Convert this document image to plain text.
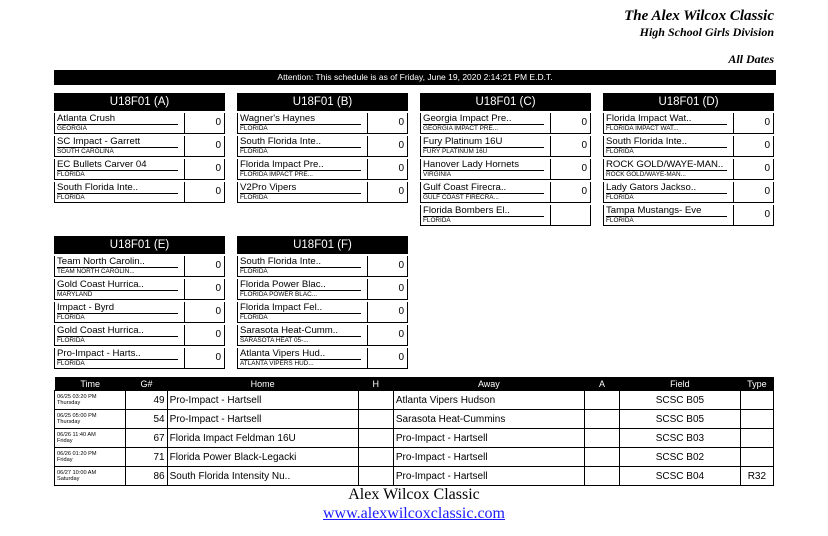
The Alex Wilcox Classic
High School Girls Division
All Dates
Attention: This schedule is as of Friday, June 19, 2020 2:14:21 PM E.D.T.
U18F01 (A)
Atlanta Crush
GEORGIA
0
SC Impact - Garrett
SOUTH CAROLINA
0
EC Bullets Carver 04
FLORIDA
0
South Florida Inte..
FLORIDA
0
U18F01 (B)
Wagner's Haynes
FLORIDA
0
South Florida Inte..
FLORIDA
0
Florida Impact Pre..
FLORIDA IMPACT PRE...
0
V2Pro Vipers
FLORIDA
0
U18F01 (C)
Georgia Impact Pre..
GEORGIA IMPACT PRE...
0
Fury Platinum 16U
FURY PLATINUM 16U
0
Hanover Lady Hornets
VIRGINIA
0
Gulf Coast Firecra..
GULF COAST FIRECRA...
0
Florida Bombers El..
FLORIDA
U18F01 (D)
Florida Impact Wat..
FLORIDA IMPACT WAT...
0
South Florida Inte..
FLORIDA
0
ROCK GOLD/WAYE-MAN..
ROCK GOLD/WAYE-MAN...
0
Lady Gators Jackso..
FLORIDA
0
Tampa Mustangs- Eve
FLORIDA
0
U18F01 (E)
Team North Carolin..
TEAM NORTH CAROLIN...
0
Gold Coast Hurrica..
MARYLAND
0
Impact - Byrd
FLORIDA
0
Gold Coast Hurrica..
FLORIDA
0
Pro-Impact - Harts..
FLORIDA
0
U18F01 (F)
South Florida Inte..
FLORIDA
0
Florida Power Blac..
FLORIDA POWER BLAC...
0
Florida Impact Fel..
FLORIDA
0
Sarasota Heat-Cumm..
SARASOTA HEAT 05-...
0
Atlanta Vipers Hud..
ATLANTA VIPERS HUD...
0
Time	G#	Home	H	Away	A	Field	Type

06/25 03:20 PM
Thursday	49	Pro-Impact - Hartsell		Atlanta Vipers Hudson		SCSC B05	

06/25 05:00 PM
Thursday	54	Pro-Impact - Hartsell		Sarasota Heat-Cummins		SCSC B05	

06/26 11:40 AM
Friday	67	Florida Impact Feldman 16U		Pro-Impact - Hartsell		SCSC B03	

06/26 01:20 PM
Friday	71	Florida Power Black-Legacki		Pro-Impact - Hartsell		SCSC B02	

06/27 10:00 AM
Saturday	86	South Florida Intensity Nu..		Pro-Impact - Hartsell		SCSC B04	R32
Alex Wilcox Classic
www.alexwilcoxclassic.com
